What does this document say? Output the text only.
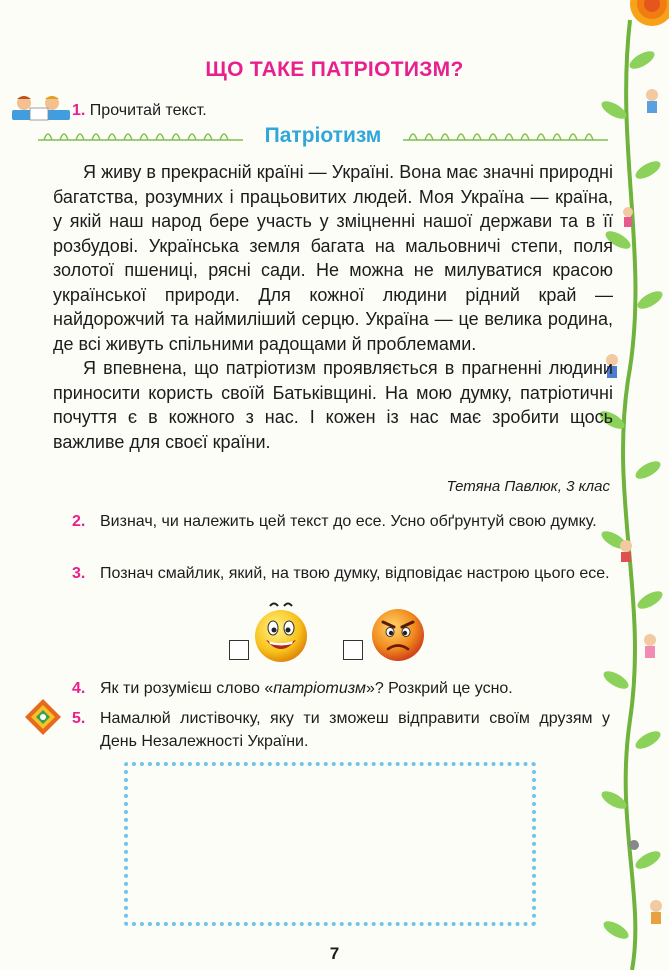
ЩО ТАКЕ ПАТРІОТИЗМ?
1. Прочитай текст.
Патріотизм

Я живу в прекрасній країні — Україні. Вона має значні природні багатства, розумних і працьовитих людей. Моя Україна — країна, у якій наш народ бере участь у зміцненні нашої держави та в її розбудові. Українська земля багата на мальовничі степи, поля золотої пшениці, рясні сади. Не можна не милуватися красою української природи. Для кожної людини рідний край — найдорожчий та наймиліший серцю. Україна — це велика родина, де всі живуть спільними радощами й проблемами.

Я впевнена, що патріотизм проявляється в прагненні людини приносити користь своїй Батьківщині. На мою думку, патріотичні почуття є в кожного з нас. І кожен із нас має зробити щось важливе для своєї країни.

Тетяна Павлюк, 3 клас
2. Визнач, чи належить цей текст до есе. Усно обґрунтуй свою думку.
3. Познач смайлик, який, на твою думку, відповідає настрою цього есе.
4. Як ти розумієш слово «патріотизм»? Розкрий це усно.
5. Намалюй листівочку, яку ти зможеш відправити своїм друзям у День Незалежності України.
7
